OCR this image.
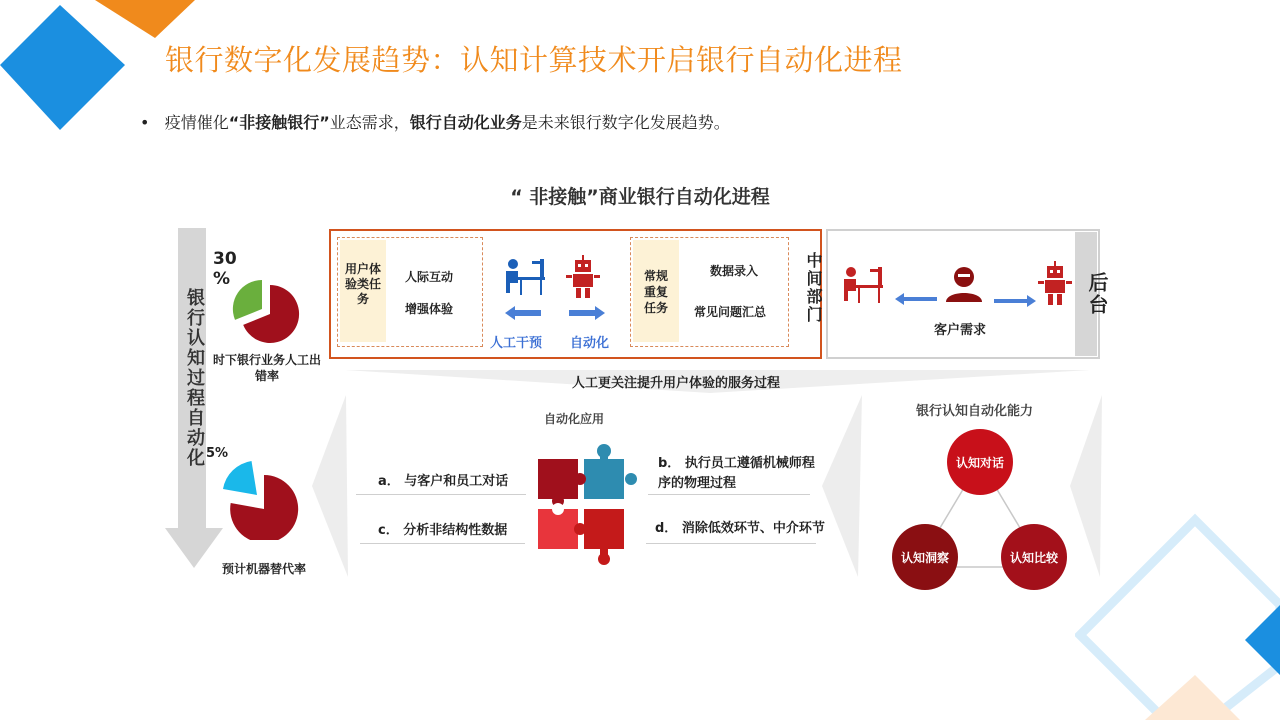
银行数字化发展趋势：认知计算技术开启银行自动化进程
• 疫情催化“非接触银行”业态需求，银行自动化业务是未来银行数字化发展趋势。
“ 非接触”商业银行自动化进程
银行认知过程自动化
30
%
时下银行业务人工出错率
5%
预计机器替代率
用户体验类任务
人际互动
增强体验
人工干预 自动化
常规重复任务
数据录入
常见问题汇总 中间部门	后台
客户需求
人工更关注提升用户体验的服务过程
自动化应用
a． 与客户和员工对话
c． 分析非结构性数据
b． 执行员工遵循机械师程序的物理过程
d． 消除低效环节、中介环节
银行认知自动化能力
认知对话
认知洞察	认知比较
